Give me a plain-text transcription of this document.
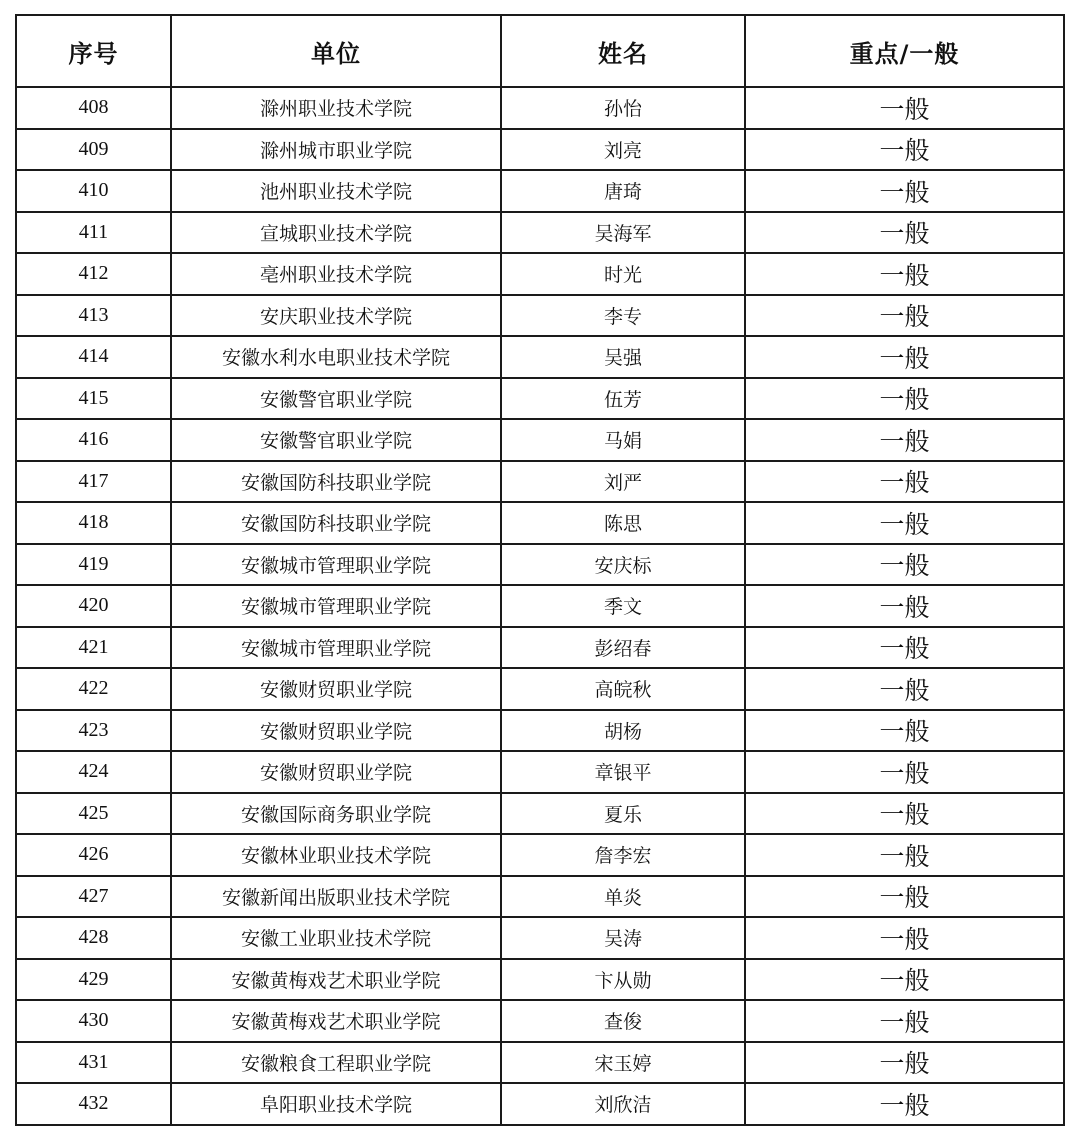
序号	单位	姓名	重点/一般
408	滁州职业技术学院	孙怡	一般
409	滁州城市职业学院	刘亮	一般
410	池州职业技术学院	唐琦	一般
411	宣城职业技术学院	吴海军	一般
412	亳州职业技术学院	时光	一般
413	安庆职业技术学院	李专	一般
414	安徽水利水电职业技术学院	吴强	一般
415	安徽警官职业学院	伍芳	一般
416	安徽警官职业学院	马娟	一般
417	安徽国防科技职业学院	刘严	一般
418	安徽国防科技职业学院	陈思	一般
419	安徽城市管理职业学院	安庆标	一般
420	安徽城市管理职业学院	季文	一般
421	安徽城市管理职业学院	彭绍春	一般
422	安徽财贸职业学院	高皖秋	一般
423	安徽财贸职业学院	胡杨	一般
424	安徽财贸职业学院	章银平	一般
425	安徽国际商务职业学院	夏乐	一般
426	安徽林业职业技术学院	詹李宏	一般
427	安徽新闻出版职业技术学院	单炎	一般
428	安徽工业职业技术学院	吴涛	一般
429	安徽黄梅戏艺术职业学院	卞从勋	一般
430	安徽黄梅戏艺术职业学院	查俊	一般
431	安徽粮食工程职业学院	宋玉婷	一般
432	阜阳职业技术学院	刘欣洁	一般
